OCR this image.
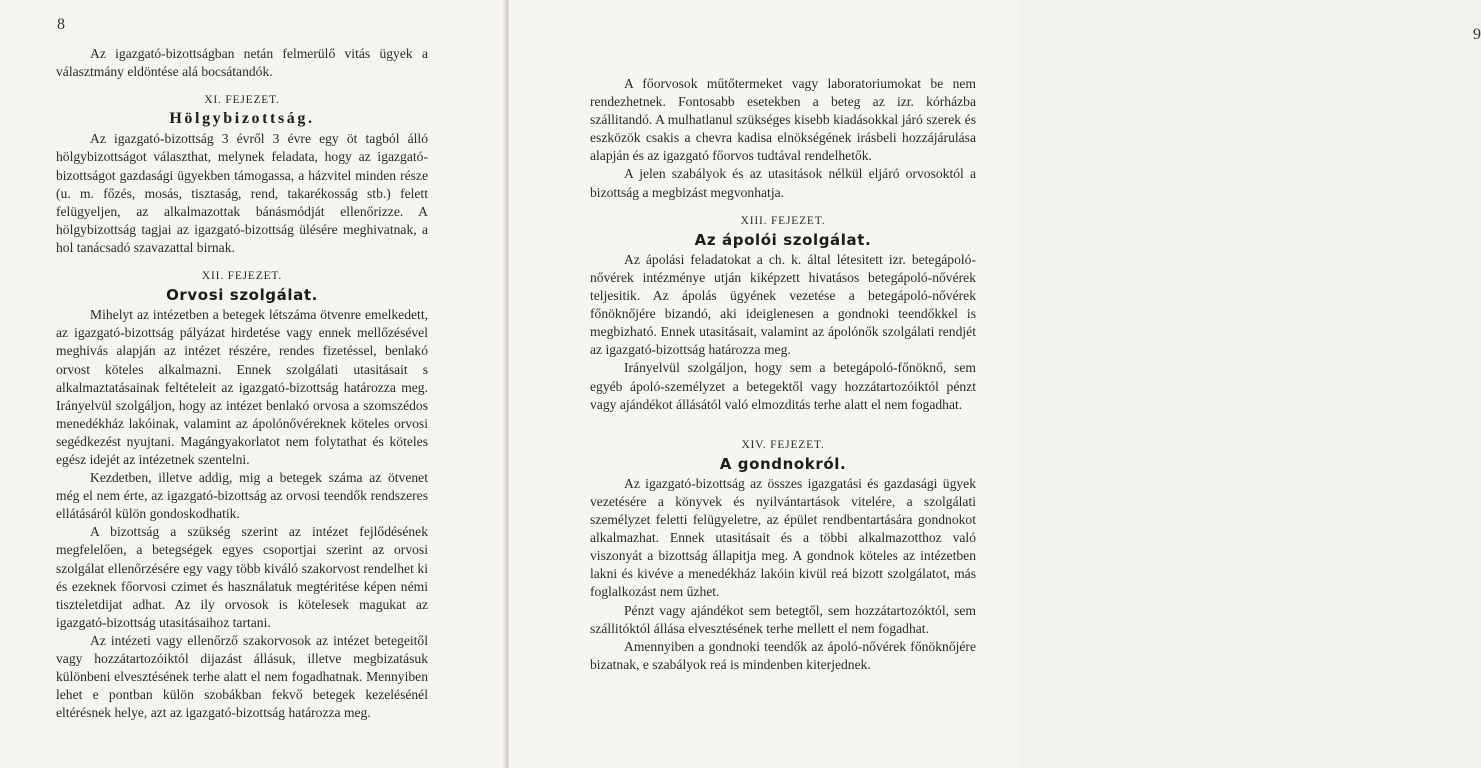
8

Az igazgató-bizottságban netán felmerülő vitás ügyek a választmány eldöntése alá bocsátandók.

XI. FEJEZET.
Hölgybizottság.

Az igazgató-bizottság 3 évről 3 évre egy öt tagból álló hölgybizottságot választhat, melynek feladata, hogy az igazgató-bizottságot gazdasági ügyekben támogassa, a házvitel minden része (u. m. főzés, mosás, tisztaság, rend, takarékosság stb.) felett felügyeljen, az alkalmazottak bánásmódját ellenőrizze. A hölgybizottság tagjai az igazgató-bizottság ülésére meghivatnak, a hol tanácsadó szavazattal birnak.

XII. FEJEZET.
Orvosi szolgálat.

Mihelyt az intézetben a betegek létszáma ötvenre emelkedett, az igazgató-bizottság pályázat hirdetése vagy ennek mellőzésével meghivás alapján az intézet részére, rendes fizetéssel, benlakó orvost köteles alkalmazni. Ennek szolgálati utasitásait s alkalmaztatásainak feltételeit az igazgató-bizottság határozza meg. Irányelvül szolgáljon, hogy az intézet benlakó orvosa a szomszédos menedékház lakóinak, valamint az ápolónővéreknek köteles orvosi segédkezést nyujtani. Magángyakorlatot nem folytathat és köteles egész idejét az intézetnek szentelni.

Kezdetben, illetve addig, mig a betegek száma az ötvenet még el nem érte, az igazgató-bizottság az orvosi teendők rendszeres ellátásáról külön gondoskodhatik.

A bizottság a szükség szerint az intézet fejlődésének megfelelően, a betegségek egyes csoportjai szerint az orvosi szolgálat ellenőrzésére egy vagy több kiváló szakorvost rendelhet ki és ezeknek főorvosi czimet és használatuk megtéritése képen némi tiszteletdijat adhat. Az ily orvosok is kötelesek magukat az igazgató-bizottság utasitásaihoz tartani.

Az intézeti vagy ellenőrző szakorvosok az intézet betegeitől vagy hozzátartozóiktól dijazást állásuk, illetve megbizatásuk különbeni elvesztésének terhe alatt el nem fogadhatnak. Mennyiben lehet e pontban külön szobákban fekvő betegek kezelésénél eltérésnek helye, azt az igazgató-bizottság határozza meg.

9

A főorvosok műtőtermeket vagy laboratoriumokat be nem rendezhetnek. Fontosabb esetekben a beteg az izr. kórházba szállitandó. A mulhatlanul szükséges kisebb kiadásokkal járó szerek és eszközök csakis a chevra kadisa elnökségének irásbeli hozzájárulása alapján és az igazgató főorvos tudtával rendelhetők.

A jelen szabályok és az utasitások nélkül eljáró orvosoktól a bizottság a megbizást megvonhatja.

XIII. FEJEZET.
Az ápolói szolgálat.

Az ápolási feladatokat a ch. k. által létesitett izr. betegápoló-nővérek intézménye utján kiképzett hivatásos betegápoló-nővérek teljesitik. Az ápolás ügyének vezetése a betegápoló-nővérek főnöknőjére bizandó, aki ideiglenesen a gondnoki teendőkkel is megbizható. Ennek utasitásait, valamint az ápolónők szolgálati rendjét az igazgató-bizottság határozza meg.

Irányelvül szolgáljon, hogy sem a betegápoló-főnöknő, sem egyéb ápoló-személyzet a betegektől vagy hozzátartozóiktól pénzt vagy ajándékot állásától való elmozditás terhe alatt el nem fogadhat.

XIV. FEJEZET.
A gondnokról.

Az igazgató-bizottság az összes igazgatási és gazdasági ügyek vezetésére a könyvek és nyilvántartások vitelére, a szolgálati személyzet feletti felügyeletre, az épület rendbentartására gondnokot alkalmazhat. Ennek utasitásait és a többi alkalmazotthoz való viszonyát a bizottság állapitja meg. A gondnok köteles az intézetben lakni és kivéve a menedékház lakóin kivül reá bizott szolgálatot, más foglalkozást nem űzhet.

Pénzt vagy ajándékot sem betegtől, sem hozzátartozóktól, sem szállitóktól állása elvesztésének terhe mellett el nem fogadhat.

Amennyiben a gondnoki teendők az ápoló-nővérek főnöknőjére bizatnak, e szabályok reá is mindenben kiterjednek.
